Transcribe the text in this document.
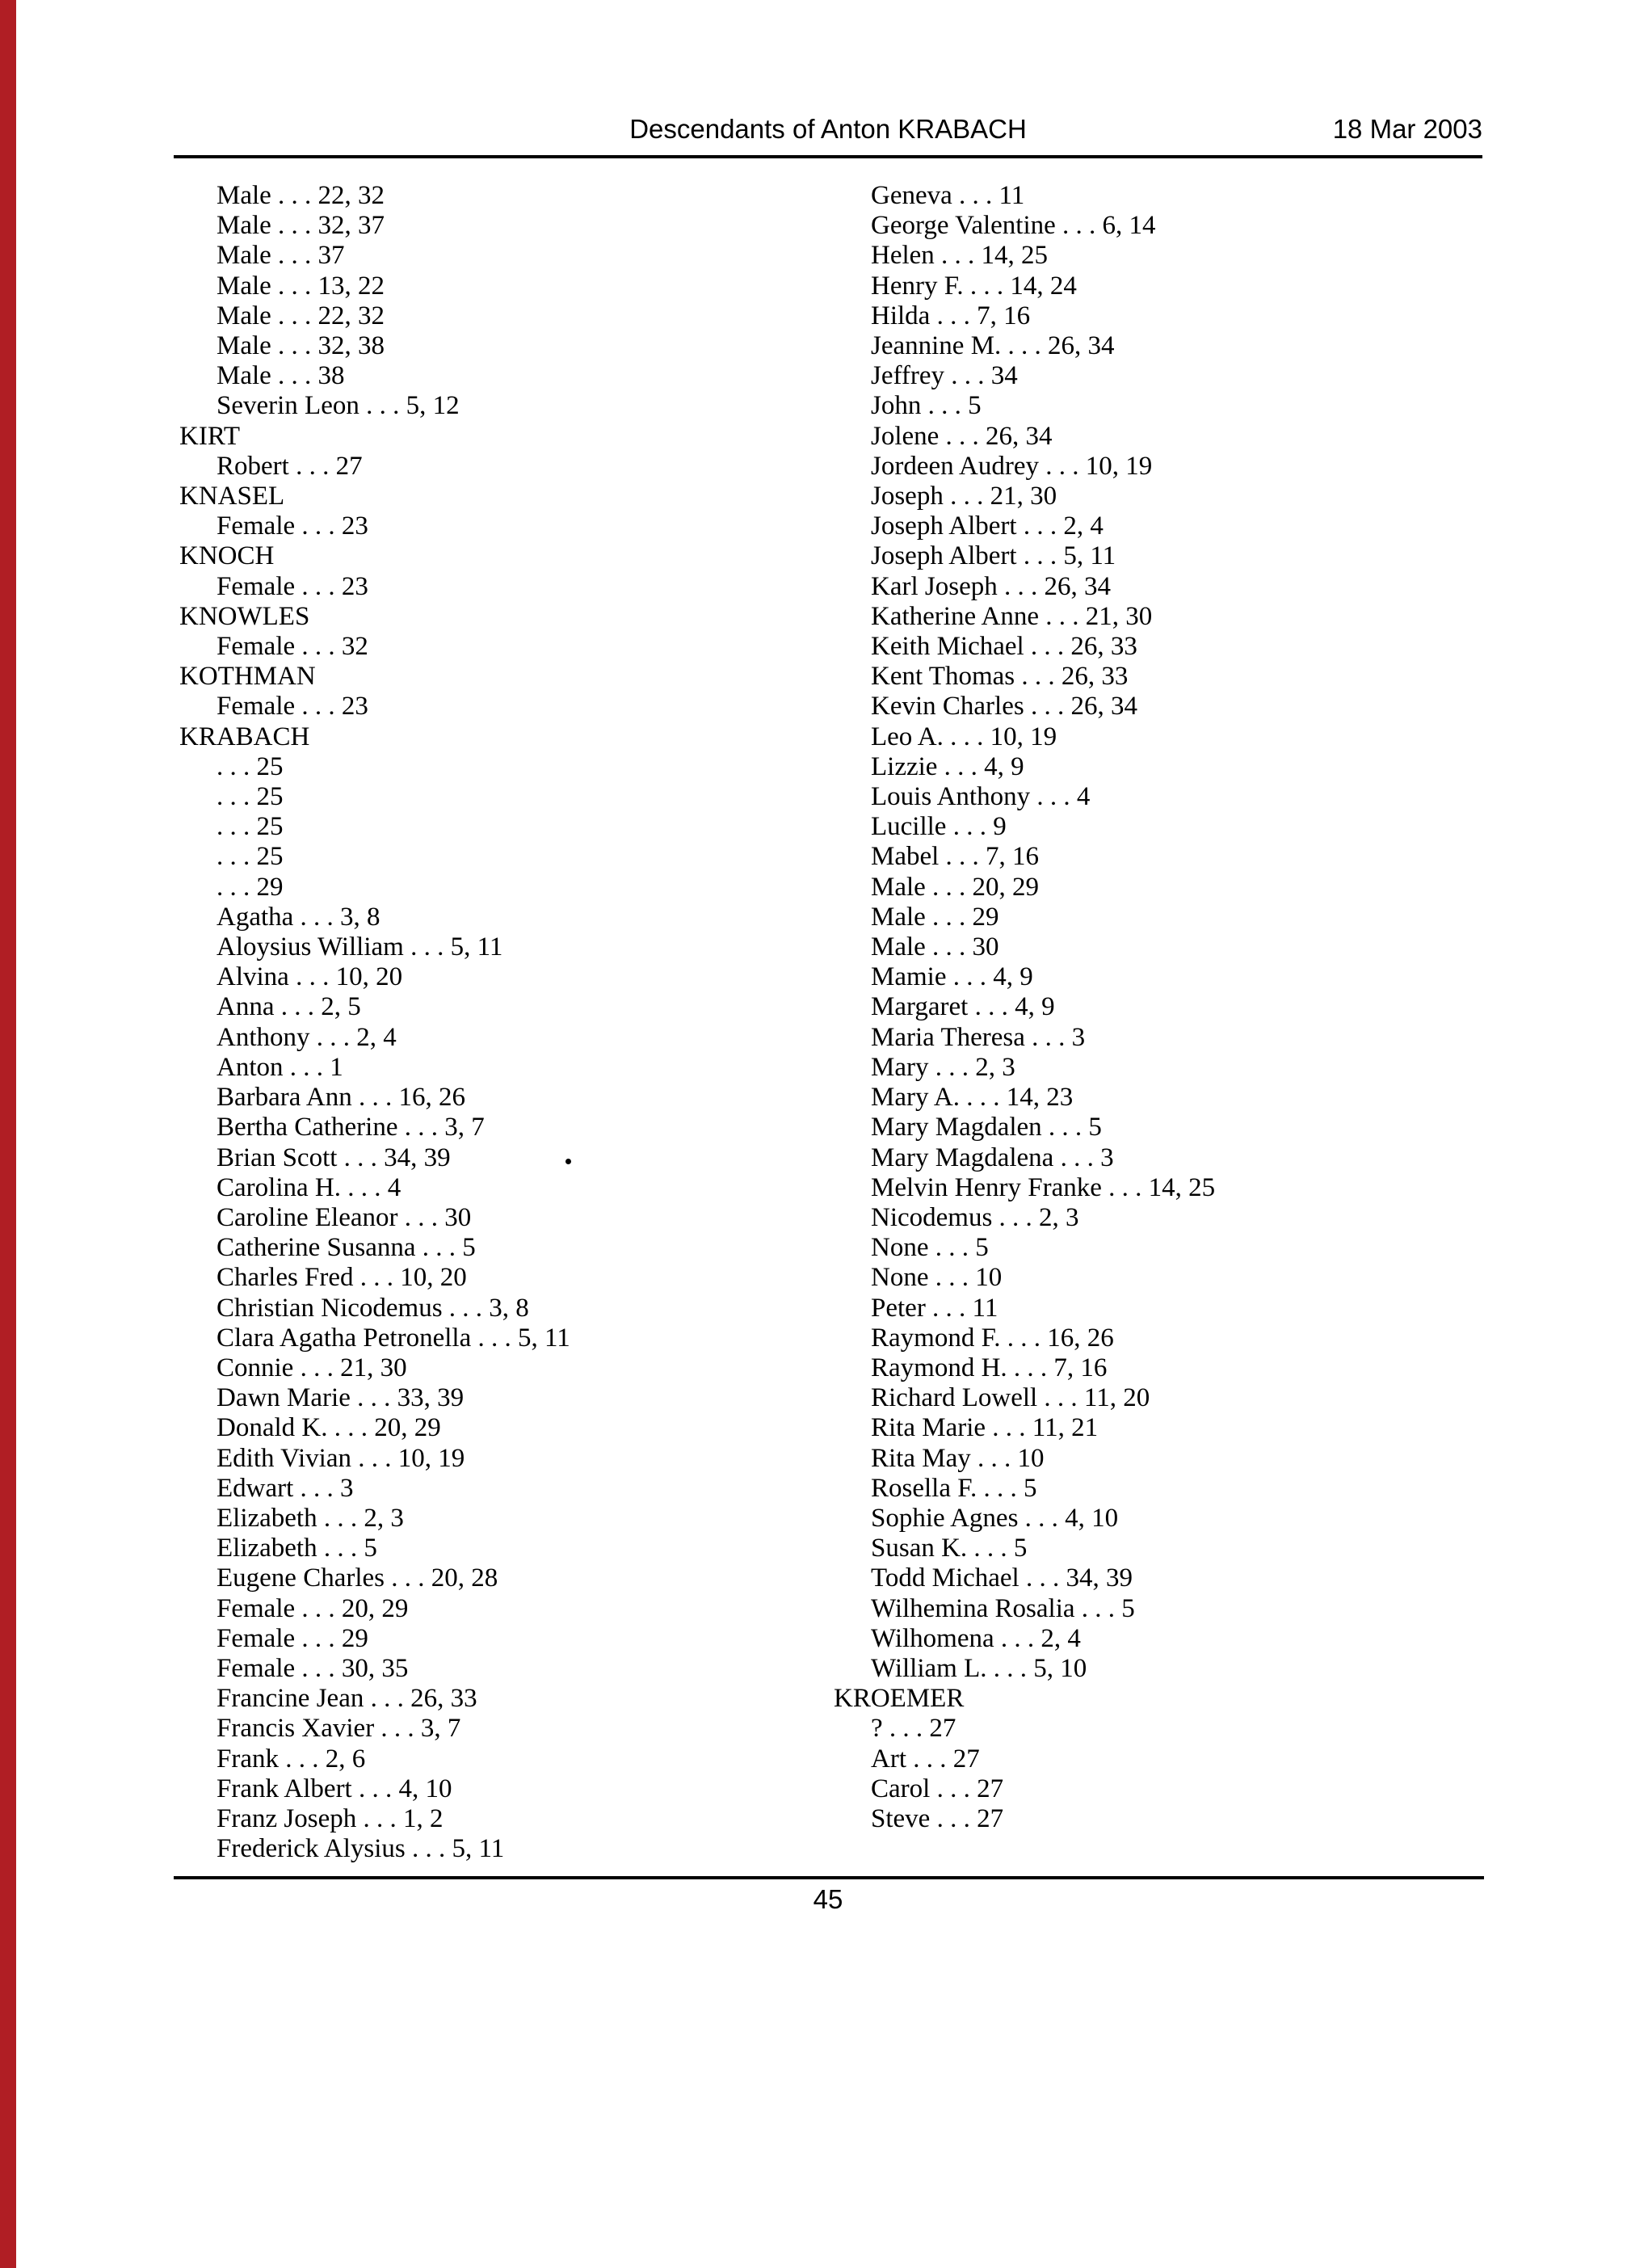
Descendants of Anton KRABACH	18 Mar 2003
Male . . . 22, 32
Male . . . 32, 37
Male . . . 37
Male . . . 13, 22
Male . . . 22, 32
Male . . . 32, 38
Male . . . 38
Severin Leon . . . 5, 12
KIRT
Robert . . . 27
KNASEL
Female . . . 23
KNOCH
Female . . . 23
KNOWLES
Female . . . 32
KOTHMAN
Female . . . 23
KRABACH
. . . 25
. . . 25
. . . 25
. . . 25
. . . 29
Agatha . . . 3, 8
Aloysius William . . . 5, 11
Alvina . . . 10, 20
Anna . . . 2, 5
Anthony . . . 2, 4
Anton . . . 1
Barbara Ann . . . 16, 26
Bertha Catherine . . . 3, 7
Brian Scott . . . 34, 39
Carolina H. . . . 4
Caroline Eleanor . . . 30
Catherine Susanna . . . 5
Charles Fred . . . 10, 20
Christian Nicodemus . . . 3, 8
Clara Agatha Petronella . . . 5, 11
Connie . . . 21, 30
Dawn Marie . . . 33, 39
Donald K. . . . 20, 29
Edith Vivian . . . 10, 19
Edwart . . . 3
Elizabeth . . . 2, 3
Elizabeth . . . 5
Eugene Charles . . . 20, 28
Female . . . 20, 29
Female . . . 29
Female . . . 30, 35
Francine Jean . . . 26, 33
Francis Xavier . . . 3, 7
Frank . . . 2, 6
Frank Albert . . . 4, 10
Franz Joseph . . . 1, 2
Frederick Alysius . . . 5, 11
Geneva . . . 11
George Valentine . . . 6, 14
Helen . . . 14, 25
Henry F. . . . 14, 24
Hilda . . . 7, 16
Jeannine M. . . . 26, 34
Jeffrey . . . 34
John . . . 5
Jolene . . . 26, 34
Jordeen Audrey . . . 10, 19
Joseph . . . 21, 30
Joseph Albert . . . 2, 4
Joseph Albert . . . 5, 11
Karl Joseph . . . 26, 34
Katherine Anne . . . 21, 30
Keith Michael . . . 26, 33
Kent Thomas . . . 26, 33
Kevin Charles . . . 26, 34
Leo A. . . . 10, 19
Lizzie . . . 4, 9
Louis Anthony . . . 4
Lucille . . . 9
Mabel . . . 7, 16
Male . . . 20, 29
Male . . . 29
Male . . . 30
Mamie . . . 4, 9
Margaret . . . 4, 9
Maria Theresa . . . 3
Mary . . . 2, 3
Mary A. . . . 14, 23
Mary Magdalen . . . 5
Mary Magdalena . . . 3
Melvin Henry Franke . . . 14, 25
Nicodemus . . . 2, 3
None . . . 5
None . . . 10
Peter . . . 11
Raymond F. . . . 16, 26
Raymond H. . . . 7, 16
Richard Lowell . . . 11, 20
Rita Marie . . . 11, 21
Rita May . . . 10
Rosella F. . . . 5
Sophie Agnes . . . 4, 10
Susan K. . . . 5
Todd Michael . . . 34, 39
Wilhemina Rosalia . . . 5
Wilhomena . . . 2, 4
William L. . . . 5, 10
KROEMER
? . . . 27
Art . . . 27
Carol . . . 27
Steve . . . 27
45
